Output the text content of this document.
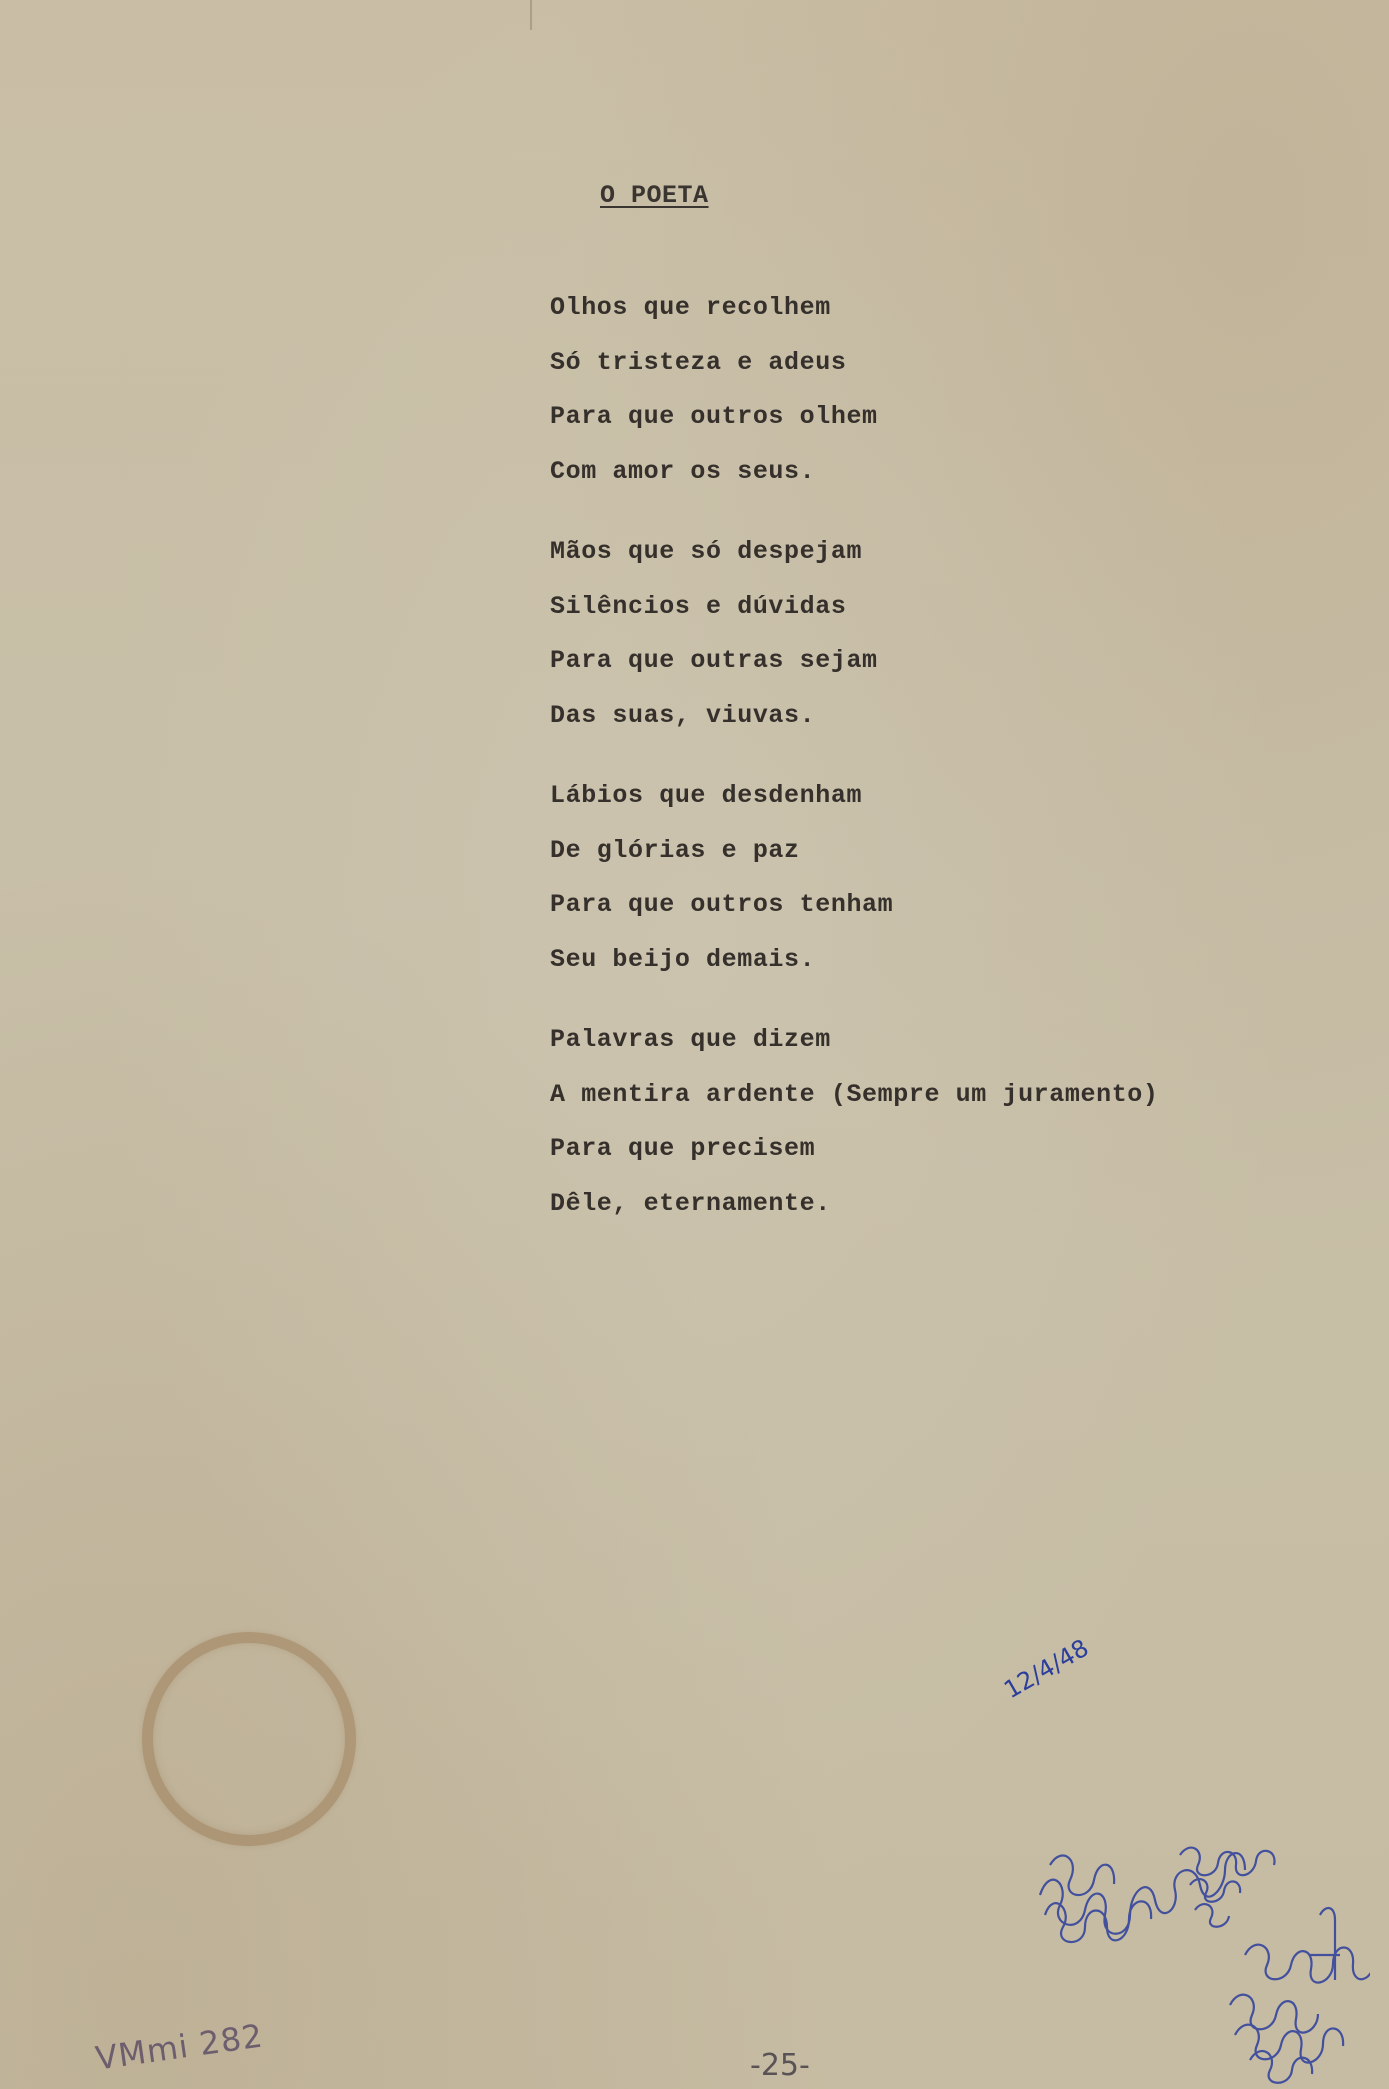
O POETA
Olhos que recolhem
Só tristeza e adeus
Para que outros olhem
Com amor os seus.
Mãos que só despejam
Silêncios e dúvidas
Para que outras sejam
Das suas, viuvas.
Lábios que desdenham
De glórias e paz
Para que outros tenham
Seu beijo demais.
Palavras que dizem
A mentira ardente (Sempre um juramento)
Para que precisem
Dêle, eternamente.
12/4/48
VMmi 282	-25-
